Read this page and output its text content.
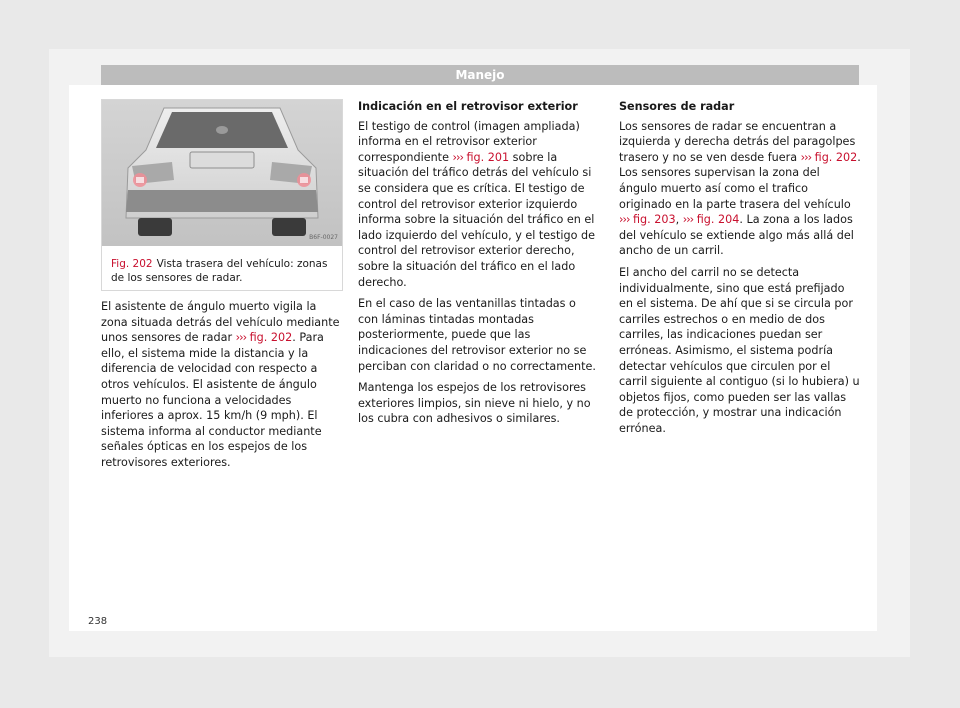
Manejo
B6F-0027
Fig. 202 Vista trasera del vehículo: zonas de los sensores de radar.

El asistente de ángulo muerto vigila la zona situada detrás del vehículo mediante unos sensores de radar ››› fig. 202. Para ello, el sistema mide la distancia y la diferencia de velocidad con respecto a otros vehículos. El asistente de ángulo muerto no funciona a velocidades inferiores a aprox. 15 km/h (9 mph). El sistema informa al conductor mediante señales ópticas en los espejos de los retrovisores exteriores.

Indicación en el retrovisor exterior

El testigo de control (imagen ampliada) informa en el retrovisor exterior correspondiente ››› fig. 201 sobre la situación del tráfico detrás del vehículo si se considera que es crítica. El testigo de control del retrovisor exterior izquierdo informa sobre la situación del tráfico en el lado izquierdo del vehículo, y el testigo de control del retrovisor exterior derecho, sobre la situación del tráfico en el lado derecho.

En el caso de las ventanillas tintadas o con láminas tintadas montadas posteriormente, puede que las indicaciones del retrovisor exterior no se perciban con claridad o no correctamente.

Mantenga los espejos de los retrovisores exteriores limpios, sin nieve ni hielo, y no los cubra con adhesivos o similares.

Sensores de radar

Los sensores de radar se encuentran a izquierda y derecha detrás del paragolpes trasero y no se ven desde fuera ››› fig. 202. Los sensores supervisan la zona del ángulo muerto así como el trafico originado en la parte trasera del vehículo ››› fig. 203, ››› fig. 204. La zona a los lados del vehículo se extiende algo más allá del ancho de un carril.

El ancho del carril no se detecta individualmente, sino que está prefijado en el sistema. De ahí que si se circula por carriles estrechos o en medio de dos carriles, las indicaciones puedan ser erróneas. Asimismo, el sistema podría detectar vehículos que circulen por el carril siguiente al contiguo (si lo hubiera) u objetos fijos, como pueden ser las vallas de protección, y mostrar una indicación errónea.

238
